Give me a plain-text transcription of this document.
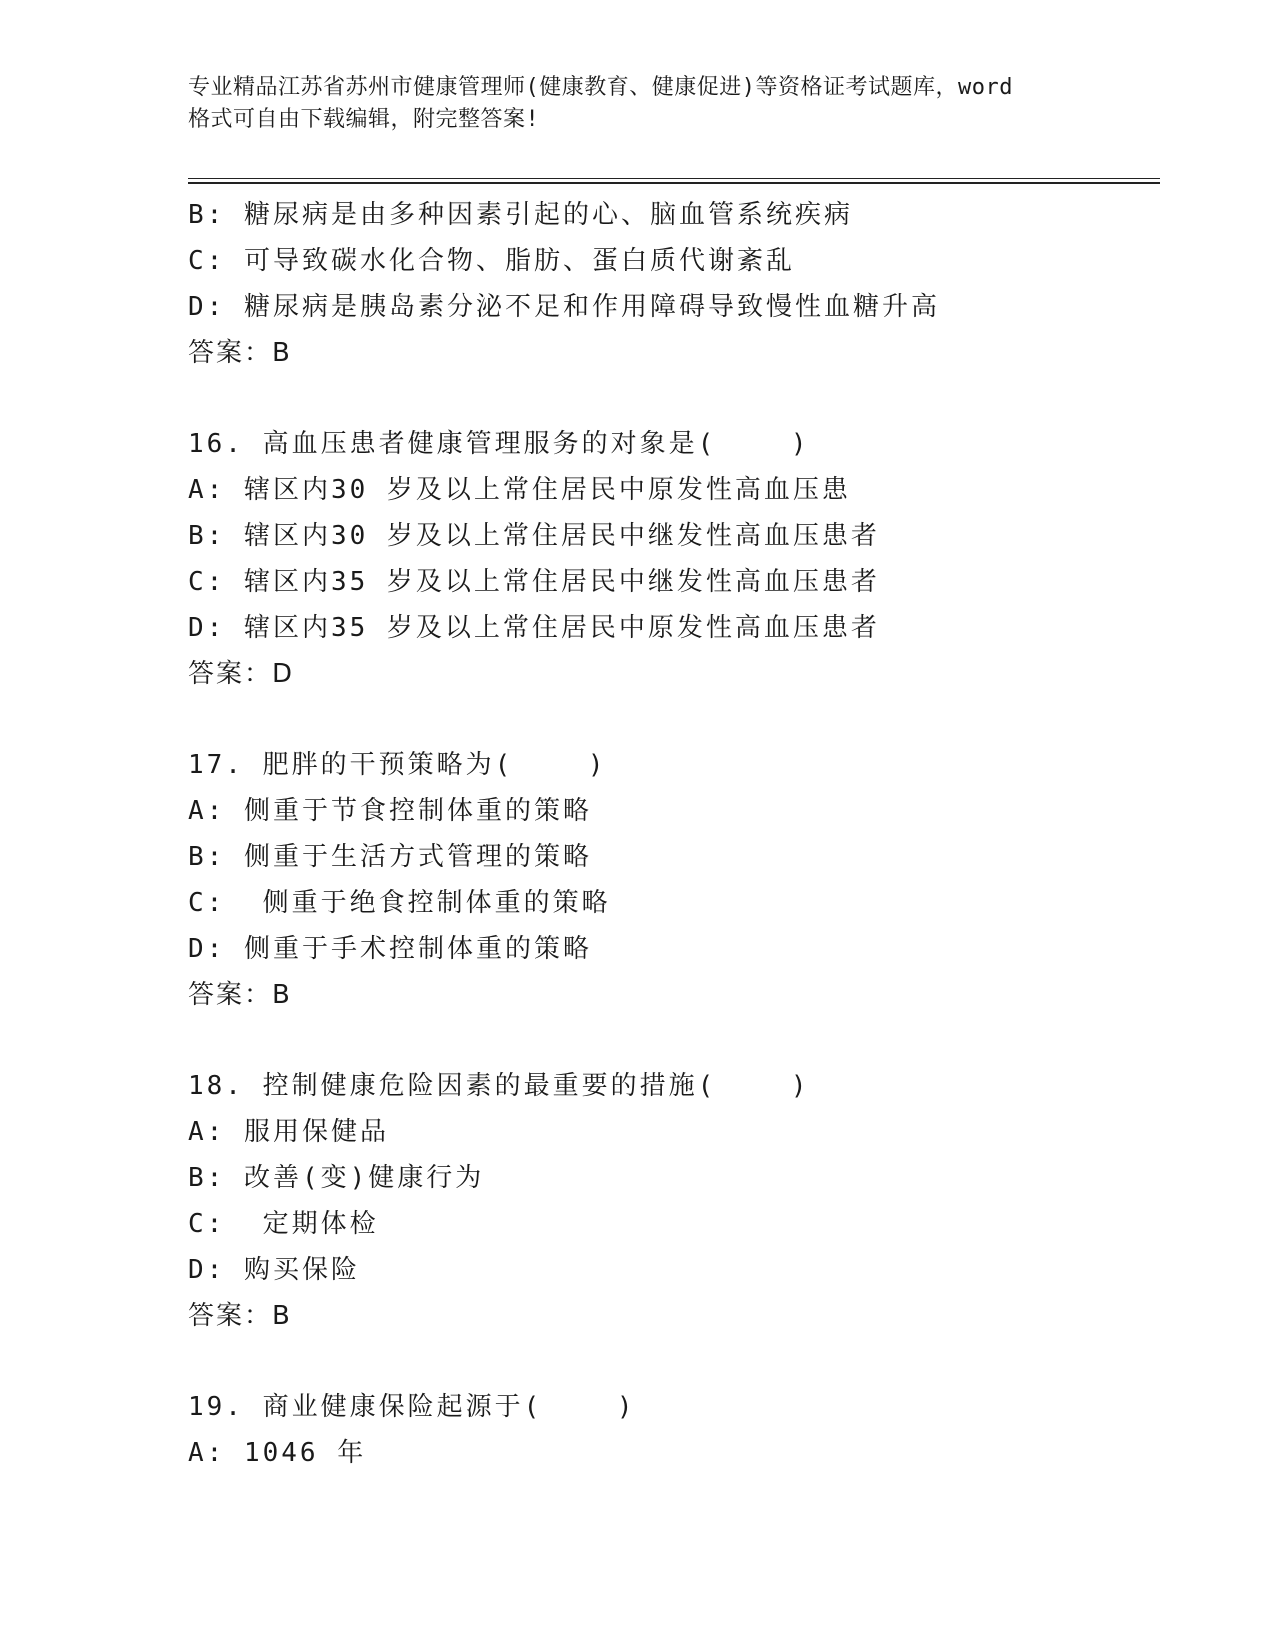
专业精品江苏省苏州市健康管理师(健康教育、健康促进)等资格证考试题库，word
格式可自由下载编辑，附完整答案!
B: 糖尿病是由多种因素引起的心、脑血管系统疾病
C: 可导致碳水化合物、脂肪、蛋白质代谢紊乱
D: 糖尿病是胰岛素分泌不足和作用障碍导致慢性血糖升高
答案：B
16. 高血压患者健康管理服务的对象是(    )
A: 辖区内30 岁及以上常住居民中原发性高血压患
B: 辖区内30 岁及以上常住居民中继发性高血压患者
C: 辖区内35 岁及以上常住居民中继发性高血压患者
D: 辖区内35 岁及以上常住居民中原发性高血压患者
答案：D
17. 肥胖的干预策略为(    )
A: 侧重于节食控制体重的策略
B: 侧重于生活方式管理的策略
C:  侧重于绝食控制体重的策略
D: 侧重于手术控制体重的策略
答案：B
18. 控制健康危险因素的最重要的措施(    )
A: 服用保健品
B: 改善(变)健康行为
C:  定期体检
D: 购买保险
答案：B
19. 商业健康保险起源于(    )
A: 1046 年
